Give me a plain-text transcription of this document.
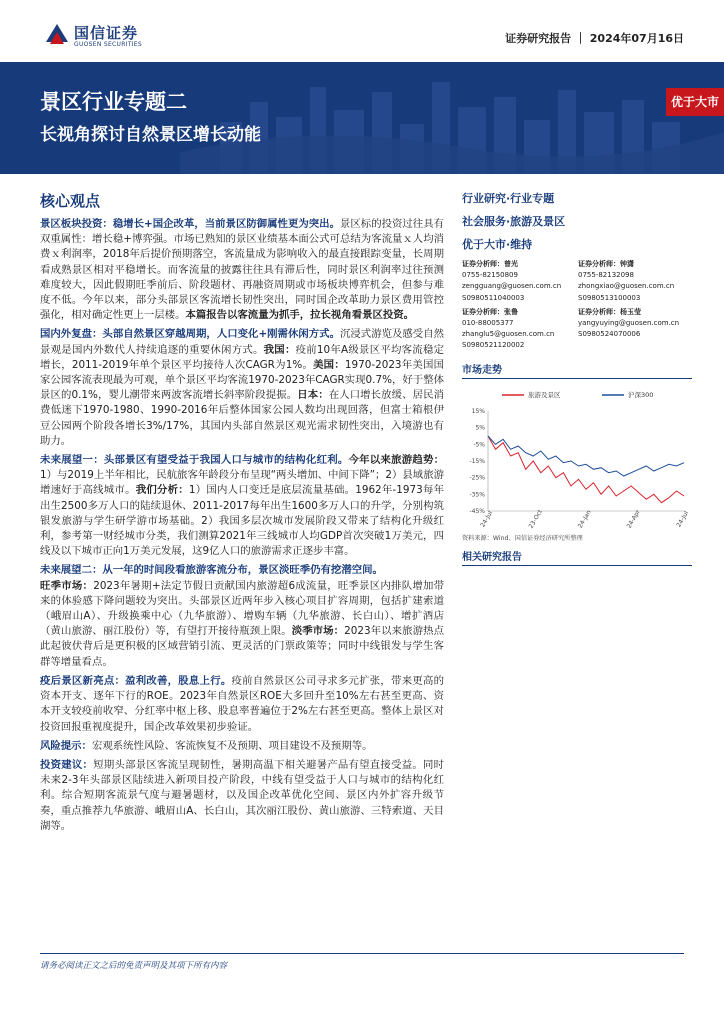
国信证券
GUOSEN SECURITIES	证券研究报告 ｜ 2024年07月16日
景区行业专题二
长视角探讨自然景区增长动能
优于大市
核心观点
景区板块投资：稳增长+国企改革，当前景区防御属性更为突出。景区标的投资过往具有双重属性：增长稳+博弈强。市场已熟知的景区业绩基本面公式可总结为客流量ｘ人均消费ｘ利润率，2018年后提价预期落空，客流量成为影响收入的最直接跟踪变量，长周期看成熟景区相对平稳增长。而客流量的披露往往具有滞后性，同时景区利润率过往预测难度较大，因此假期旺季前后、阶段题材、再融资周期或市场板块博弈机会，但参与难度不低。今年以来，部分头部景区客流增长韧性突出，同时国企改革助力景区费用管控强化，相对确定性更上一层楼。本篇报告以客流量为抓手，拉长视角看景区投资。
国内外复盘：头部自然景区穿越周期，人口变化+刚需休闲方式。沉浸式游览及感受自然景观是国内外数代人持续追逐的重要休闲方式。我国：疫前10年A级景区平均客流稳定增长，2011-2019年单个景区平均接待人次CAGR为1%。美国：1970-2023年美国国家公园客流表现最为可观，单个景区平均客流1970-2023年CAGR实现0.7%，好于整体景区的0.1%，婴儿潮带来两波客流增长斜率阶段提振。日本：在人口增长放缓、居民消费低迷下1970-1980、1990-2016年后整体国家公园人数均出现回落，但富士箱根伊豆公园两个阶段各增长3%/17%，其国内头部自然景区观光需求韧性突出，入境游也有助力。
未来展望一：头部景区有望受益于我国人口与城市的结构化红利。今年以来旅游趋势：1）与2019上半年相比，民航旅客年龄段分布呈现“两头增加、中间下降”；2）县域旅游增速好于高线城市。我们分析：1）国内人口变迁是底层流量基础。1962年-1973每年出生2500多万人口的陆续退休、2011-2017每年出生1600多万人口的升学，分别构筑银发旅游与学生研学游市场基础。2）我国多层次城市发展阶段又带来了结构化升级红利，参考第一财经城市分类，我们测算2021年三线城市人均GDP首次突破1万美元，四线及以下城市正向1万美元发展，这9亿人口的旅游需求正逐步丰富。
未来展望二：从一年的时间段看旅游客流分布，景区淡旺季仍有挖潜空间。
旺季市场：2023年暑期+法定节假日贡献国内旅游超6成流量，旺季景区内排队增加带来的体验感下降问题较为突出。头部景区近两年步入核心项目扩容周期，包括扩建索道（峨眉山A）、升级换乘中心（九华旅游）、增购车辆（九华旅游、长白山）、增扩酒店（黄山旅游、丽江股份）等，有望打开接待瓶颈上限。淡季市场：2023年以来旅游热点此起彼伏背后是更积极的区域营销引流、更灵活的门票政策等；同时中线银发与学生客群等增量看点。
疫后景区新亮点：盈利改善，股息上行。疫前自然景区公司寻求多元扩张，带来更高的资本开支、逐年下行的ROE。2023年自然景区ROE大多回升至10%左右甚至更高、资本开支较疫前收窄、分红率中枢上移、股息率普遍位于2%左右甚至更高。整体上景区对投资回报重视度提升，国企改革效果初步验证。
风险提示：宏观系统性风险、客流恢复不及预期、项目建设不及预期等。
投资建议：短期头部景区客流呈现韧性，暑期高温下相关避暑产品有望直接受益。同时未来2-3年头部景区陆续进入新项目投产阶段，中线有望受益于人口与城市的结构化红利。综合短期客流景气度与避暑题材，以及国企改革优化空间、景区内外扩容升级节奏，重点推荐九华旅游、峨眉山A、长白山，其次丽江股份、黄山旅游、三特索道、天目湖等。
行业研究·行业专题
社会服务·旅游及景区
优于大市·维持
证券分析师：曾光
0755-82150809
zengguang@guosen.com.cn
S0980511040003
证券分析师：钟潇
0755-82132098
zhongxiao@guosen.com.cn
S0980513100003
证券分析师：张鲁
010-88005377
zhanglu5@guosen.com.cn
S0980521120002
证券分析师：杨玉莹
yangyuying@guosen.com.cn
S0980524070006
市场走势
15%
5%
-5%
-15%
-25%
-35%
-45%
24-Jul	23-Oct	24-Jan	24-Apr	24-Jul
旅游及景区	沪深300
资料来源：Wind、国信证券经济研究所整理
相关研究报告
请务必阅读正文之后的免责声明及其项下所有内容
